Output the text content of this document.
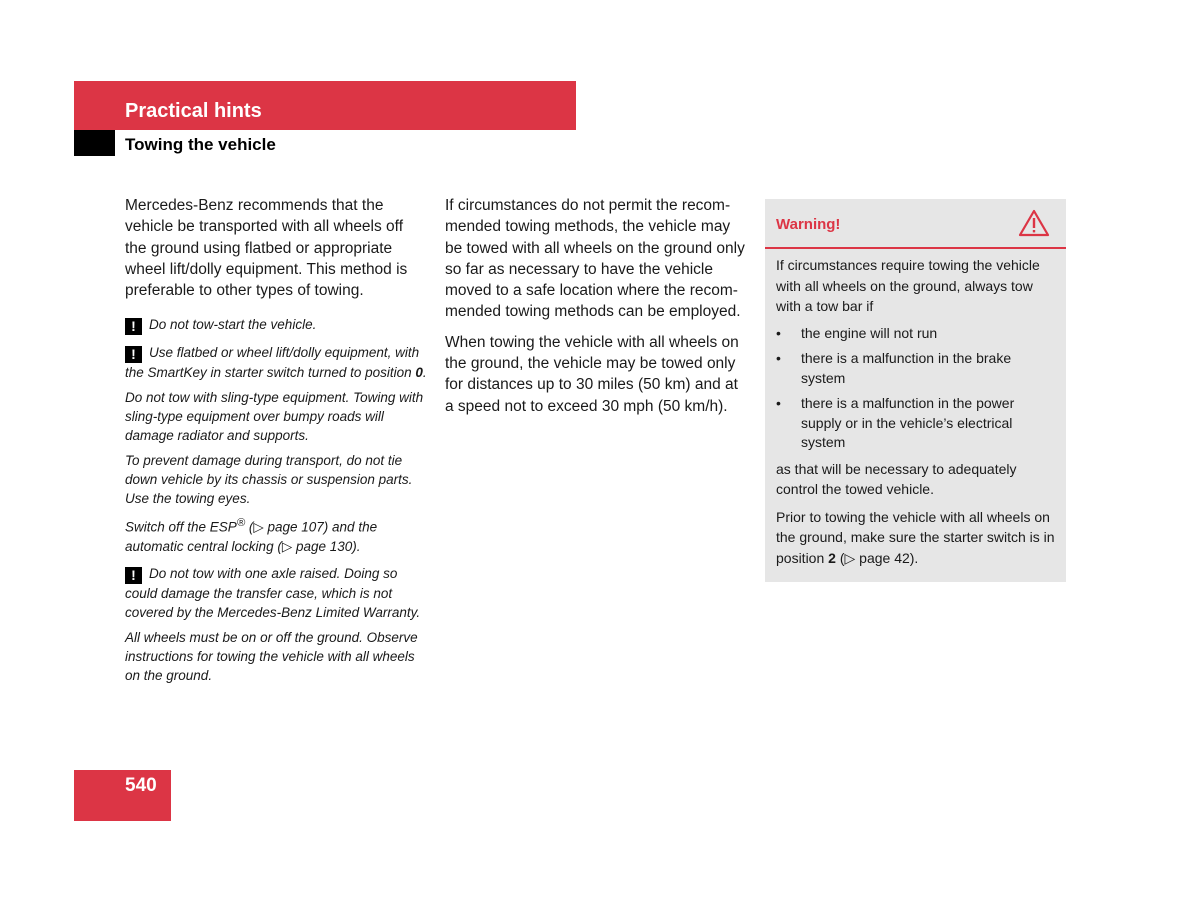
Practical hints
Towing the vehicle

Mercedes-Benz recommends that the vehicle be transported with all wheels off the ground using flatbed or appropriate wheel lift/dolly equipment. This method is preferable to other types of towing.

! Do not tow-start the vehicle.

! Use flatbed or wheel lift/dolly equipment, with the SmartKey in starter switch turned to position 0.

Do not tow with sling-type equipment. Towing with sling-type equipment over bumpy roads will damage radiator and supports.

To prevent damage during transport, do not tie down vehicle by its chassis or suspension parts. Use the towing eyes.

Switch off the ESP® (▷ page 107) and the automatic central locking (▷ page 130).

! Do not tow with one axle raised. Doing so could damage the transfer case, which is not covered by the Mercedes-Benz Limited Warranty.

All wheels must be on or off the ground. Observe instructions for towing the vehicle with all wheels on the ground.

If circumstances do not permit the recom-mended towing methods, the vehicle may be towed with all wheels on the ground only so far as necessary to have the vehicle moved to a safe location where the recom-mended towing methods can be employed.

When towing the vehicle with all wheels on the ground, the vehicle may be towed only for distances up to 30 miles (50 km) and at a speed not to exceed 30 mph (50 km/h).

Warning!

If circumstances require towing the vehicle with all wheels on the ground, always tow with a tow bar if

• the engine will not run
• there is a malfunction in the brake system
• there is a malfunction in the power supply or in the vehicle’s electrical system

as that will be necessary to adequately control the towed vehicle.

Prior to towing the vehicle with all wheels on the ground, make sure the starter switch is in position 2 (▷ page 42).

540
